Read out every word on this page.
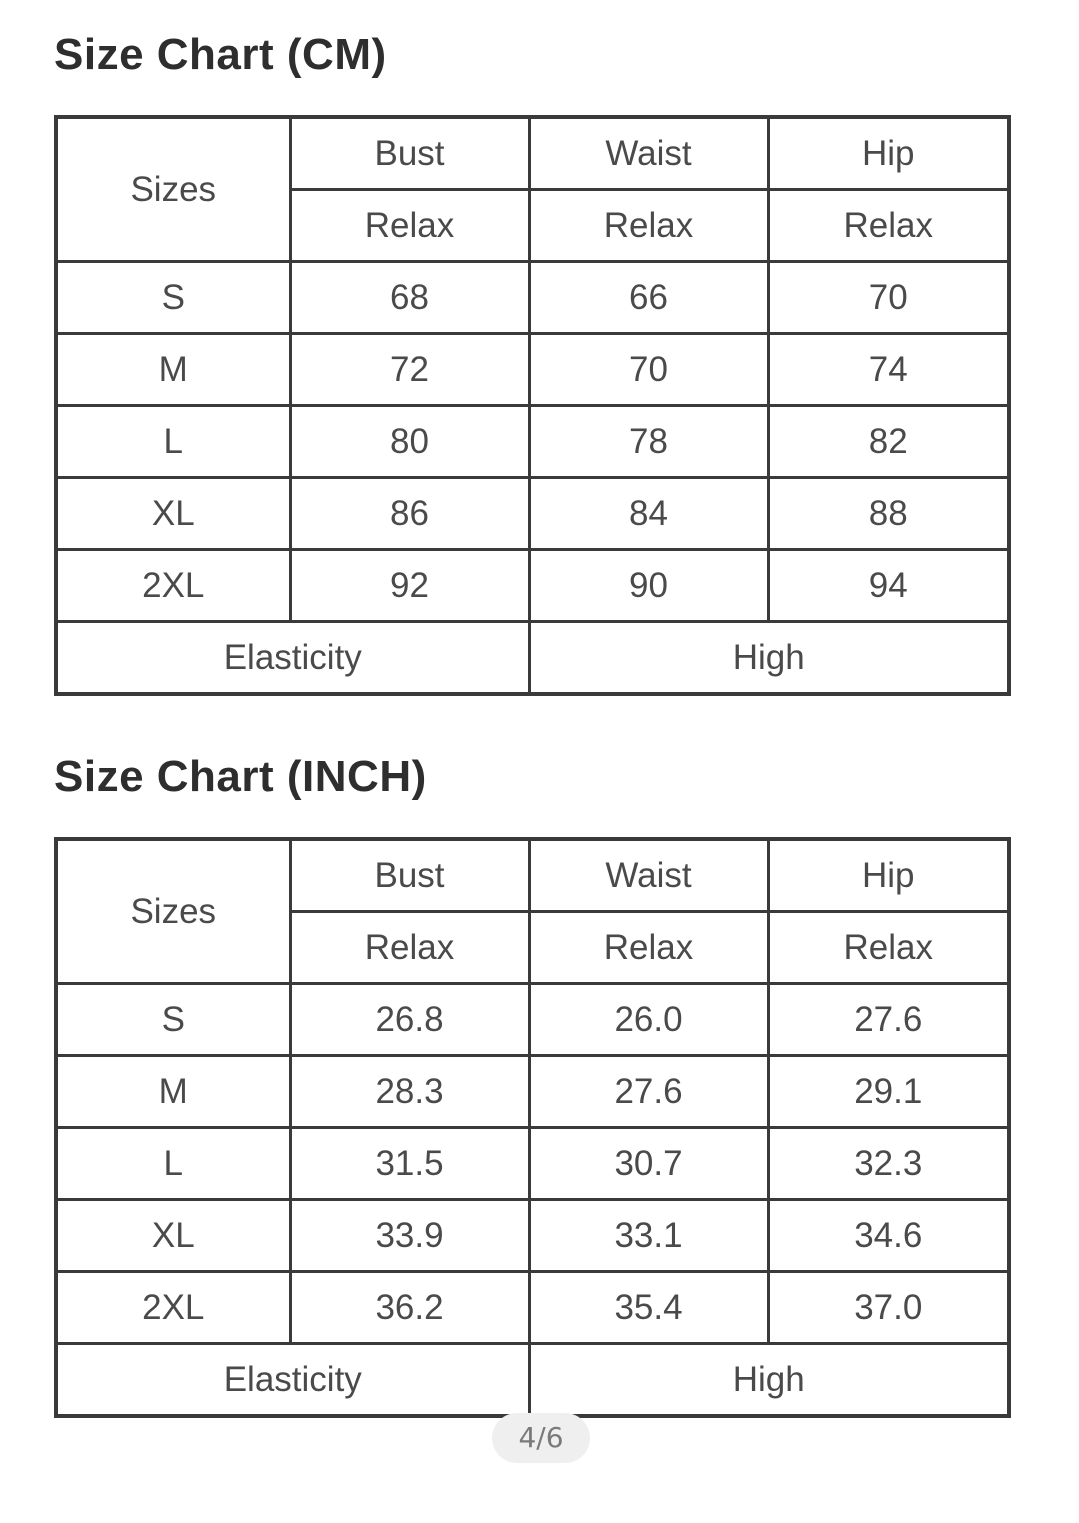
Size Chart (CM)
Sizes	Bust	Waist	Hip
	Relax	Relax	Relax
S	68	66	70
M	72	70	74
L	80	78	82
XL	86	84	88
2XL	92	90	94
Elasticity		High	
Size Chart (INCH)
Sizes	Bust	Waist	Hip
	Relax	Relax	Relax
S	26.8	26.0	27.6
M	28.3	27.6	29.1
L	31.5	30.7	32.3
XL	33.9	33.1	34.6
2XL	36.2	35.4	37.0
Elasticity		High	
4/6
